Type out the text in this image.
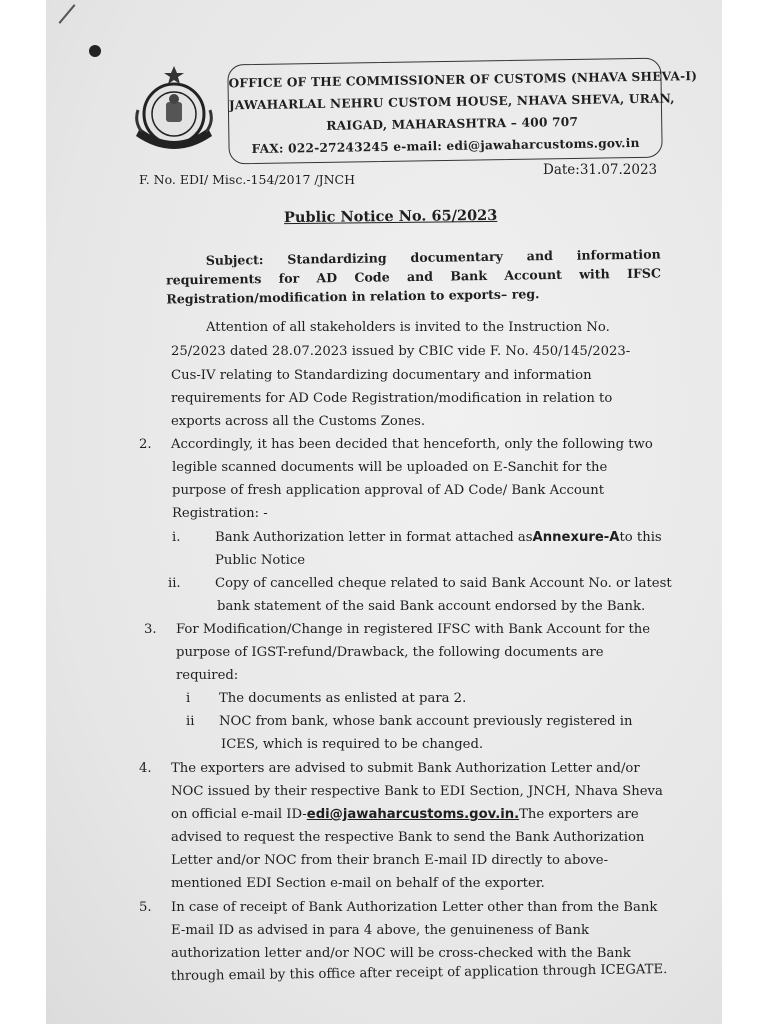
OFFICE OF THE COMMISSIONER OF CUSTOMS (NHAVA SHEVA-I)
JAWAHARLAL NEHRU CUSTOM HOUSE, NHAVA SHEVA, URAN,
RAIGAD, MAHARASHTRA – 400 707
FAX: 022-27243245 e-mail: edi@jawaharcustoms.gov.in
F. No. EDI/ Misc.-154/2017 /JNCH
Date:31.07.2023
Public Notice No. 65/2023
Subject: Standardizing documentary and information
requirements for AD Code and Bank Account with IFSC
Registration/modification in relation to exports– reg.
Attention of all stakeholders is invited to the Instruction No.
25/2023 dated 28.07.2023 issued by CBIC vide F. No. 450/145/2023-
Cus-IV relating to Standardizing documentary and information
requirements for AD Code Registration/modification in relation to
exports across all the Customs Zones.
2. Accordingly, it has been decided that henceforth, only the following two
legible scanned documents will be uploaded on E-Sanchit for the
purpose of fresh application approval of AD Code/ Bank Account
Registration: -
i.	Bank Authorization letter in format attached as Annexure-A to this
Public Notice
ii.	Copy of cancelled cheque related to said Bank Account No. or latest
bank statement of the said Bank account endorsed by the Bank.
3. For Modification/Change in registered IFSC with Bank Account for the
purpose of IGST-refund/Drawback, the following documents are
required:
i The documents as enlisted at para 2.
ii NOC from bank, whose bank account previously registered in
ICES, which is required to be changed.
4. The exporters are advised to submit Bank Authorization Letter and/or
NOC issued by their respective Bank to EDI Section, JNCH, Nhava Sheva
on official e-mail ID- edi@jawaharcustoms.gov.in. The exporters are
advised to request the respective Bank to send the Bank Authorization
Letter and/or NOC from their branch E-mail ID directly to above-
mentioned EDI Section e-mail on behalf of the exporter.
5. In case of receipt of Bank Authorization Letter other than from the Bank
E-mail ID as advised in para 4 above, the genuineness of Bank
authorization letter and/or NOC will be cross-checked with the Bank
through email by this office after receipt of application through ICEGATE.
